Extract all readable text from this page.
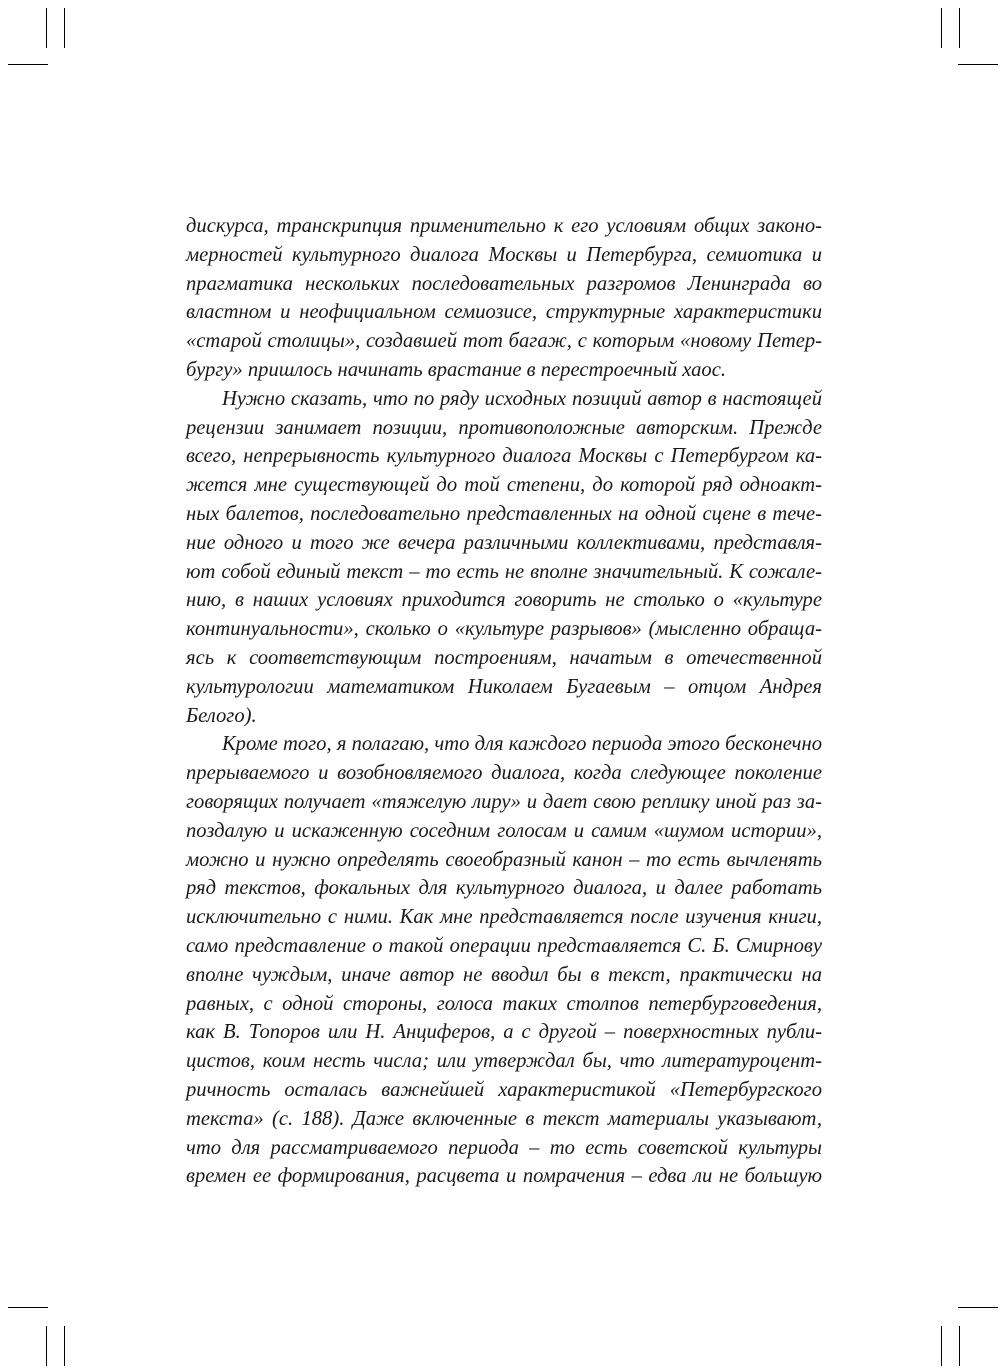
дискурса, транскрипция применительно к его условиям общих законо-
мерностей культурного диалога Москвы и Петербурга, семиотика и
прагматика нескольких последовательных разгромов Ленинграда во
властном и неофициальном семиозисе, структурные характеристики
«старой столицы», создавшей тот багаж, с которым «новому Петер-
бургу» пришлось начинать врастание в перестроечный хаос.
Нужно сказать, что по ряду исходных позиций автор в настоящей
рецензии занимает позиции, противоположные авторским. Прежде
всего, непрерывность культурного диалога Москвы с Петербургом ка-
жется мне существующей до той степени, до которой ряд одноакт-
ных балетов, последовательно представленных на одной сцене в тече-
ние одного и того же вечера различными коллективами, представля-
ют собой единый текст – то есть не вполне значительный. К сожале-
нию, в наших условиях приходится говорить не столько о «культуре
континуальности», сколько о «культуре разрывов» (мысленно обраща-
ясь к соответствующим построениям, начатым в отечественной
культурологии математиком Николаем Бугаевым – отцом Андрея
Белого).
Кроме того, я полагаю, что для каждого периода этого бесконечно
прерываемого и возобновляемого диалога, когда следующее поколение
говорящих получает «тяжелую лиру» и дает свою реплику иной раз за-
поздалую и искаженную соседним голосам и самим «шумом истории»,
можно и нужно определять своеобразный канон – то есть вычленять
ряд текстов, фокальных для культурного диалога, и далее работать
исключительно с ними. Как мне представляется после изучения книги,
само представление о такой операции представляется С. Б. Смирнову
вполне чуждым, иначе автор не вводил бы в текст, практически на
равных, с одной стороны, голоса таких столпов петербурговедения,
как В. Топоров или Н. Анциферов, а с другой – поверхностных публи-
цистов, коим несть числа; или утверждал бы, что литературоцент-
ричность осталась важнейшей характеристикой «Петербургского
текста» (с. 188). Даже включенные в текст материалы указывают,
что для рассматриваемого периода – то есть советской культуры
времен ее формирования, расцвета и помрачения – едва ли не большую
